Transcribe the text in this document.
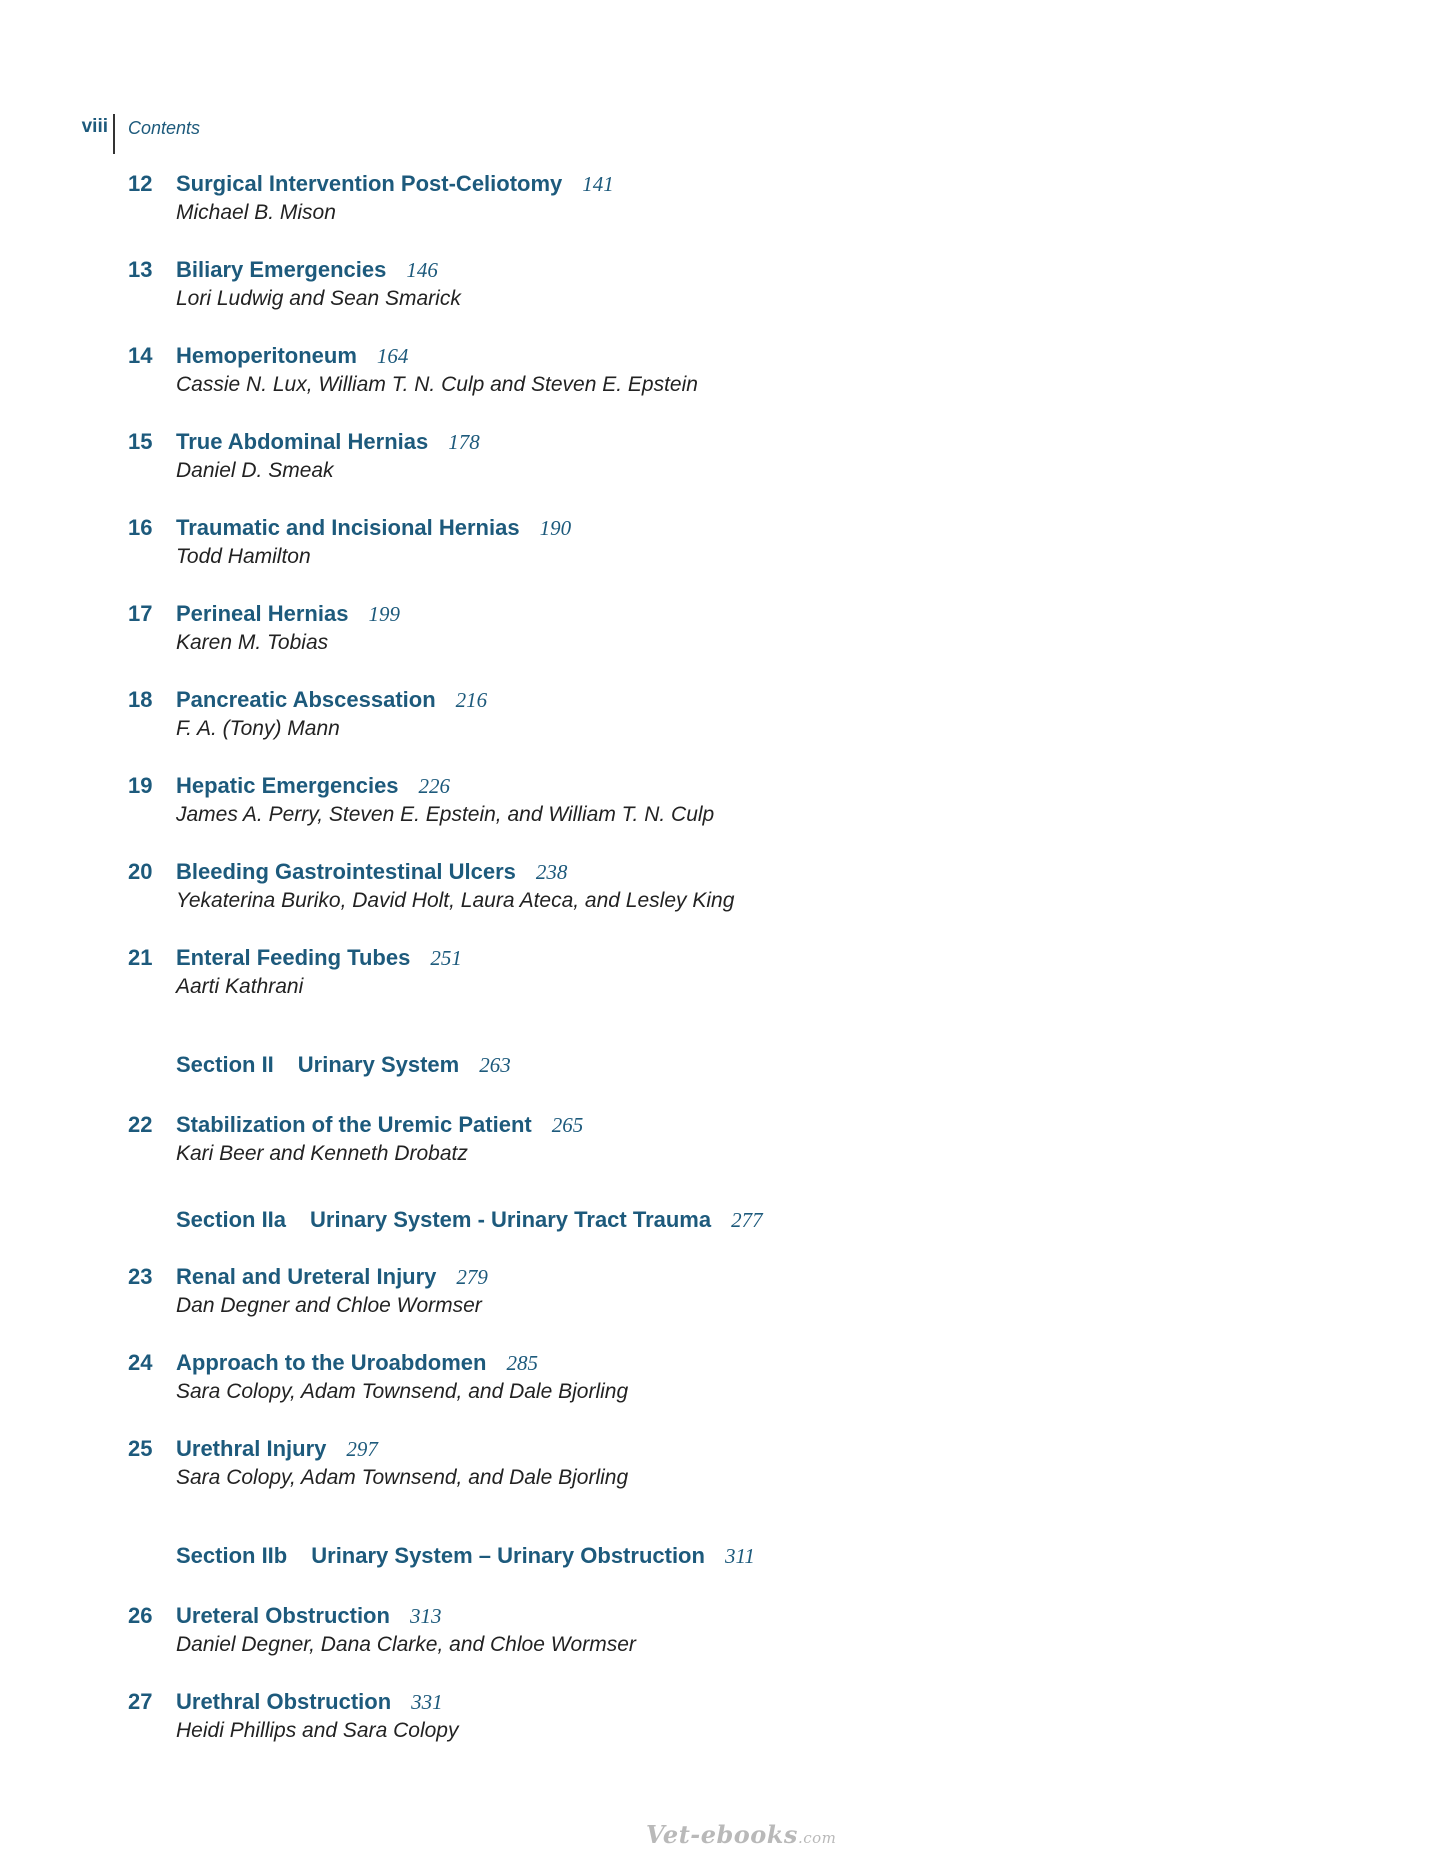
viii Contents
12	Surgical Intervention Post-Celiotomy 141
Michael B. Mison
13	Biliary Emergencies 146
Lori Ludwig and Sean Smarick
14	Hemoperitoneum 164
Cassie N. Lux, William T. N. Culp and Steven E. Epstein
15	True Abdominal Hernias 178
Daniel D. Smeak
16	Traumatic and Incisional Hernias 190
Todd Hamilton
17	Perineal Hernias 199
Karen M. Tobias
18	Pancreatic Abscessation 216
F. A. (Tony) Mann
19	Hepatic Emergencies 226
James A. Perry, Steven E. Epstein, and William T. N. Culp
20	Bleeding Gastrointestinal Ulcers 238
Yekaterina Buriko, David Holt, Laura Ateca, and Lesley King
21	Enteral Feeding Tubes 251
Aarti Kathrani
Section II Urinary System 263
22	Stabilization of the Uremic Patient 265
Kari Beer and Kenneth Drobatz
Section IIa Urinary System - Urinary Tract Trauma 277
23	Renal and Ureteral Injury 279
Dan Degner and Chloe Wormser
24	Approach to the Uroabdomen 285
Sara Colopy, Adam Townsend, and Dale Bjorling
25	Urethral Injury 297
Sara Colopy, Adam Townsend, and Dale Bjorling
Section IIb Urinary System – Urinary Obstruction 311
26	Ureteral Obstruction 313
Daniel Degner, Dana Clarke, and Chloe Wormser
27	Urethral Obstruction 331
Heidi Phillips and Sara Colopy
Vet-ebooks.com
